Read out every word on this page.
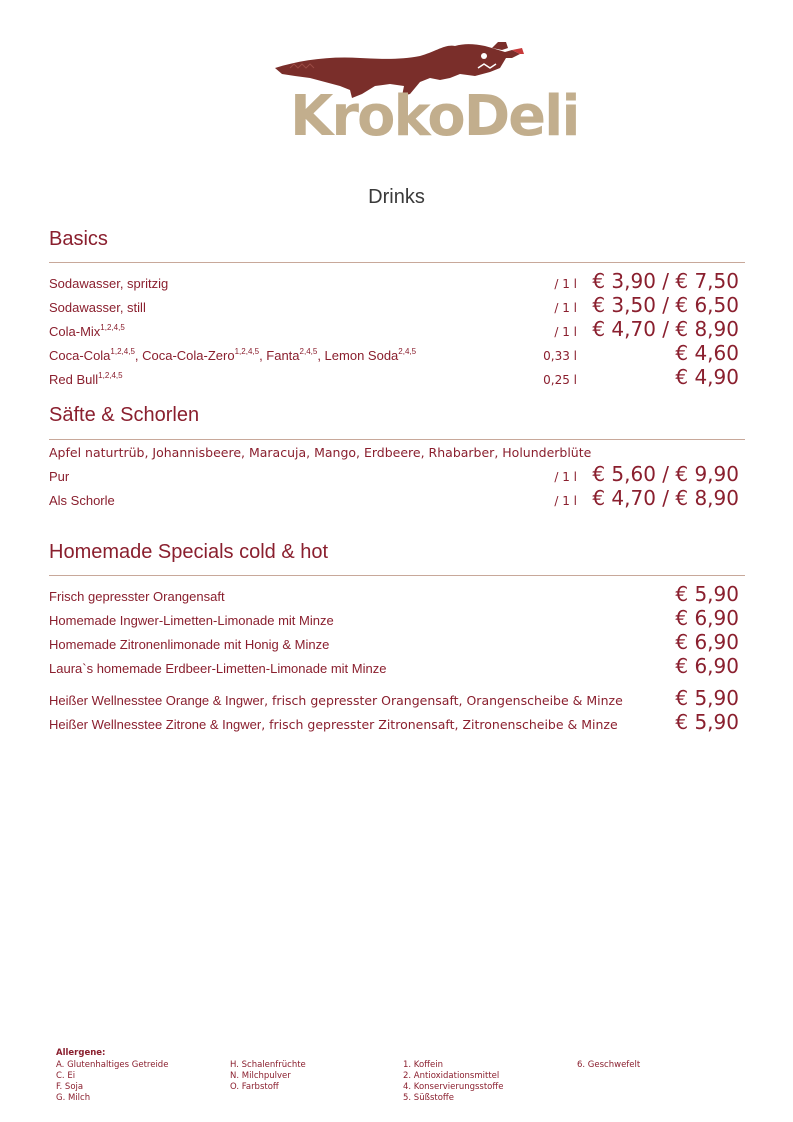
KrokoDeli
Drinks
Basics
Sodawasser, spritzig	/ 1 l € 3,90 / € 7,50
Sodawasser, still	/ 1 l € 3,50 / € 6,50
Cola-Mix$^{1,2,4,5}$	/ 1 l € 4,70 / € 8,90
Coca-Cola$^{1,2,4,5}$, Coca-Cola-Zero$^{1,2,4,5}$, Fanta$^{2,4,5}$, Lemon Soda$^{2,4,5}$	0,33 l	€ 4,60
Red Bull$^{1,2,4,5}$	0,25 l	€ 4,90
Säfte & Schorlen
Apfel naturtrüb, Johannisbeere, Maracuja, Mango, Erdbeere, Rhabarber, Holunderblüte
Pur	/ 1 l € 5,60 / € 9,90
Als Schorle	/ 1 l € 4,70 / € 8,90
Homemade Specials cold & hot
Frisch gepresster Orangensaft	€ 5,90
Homemade Ingwer-Limetten-Limonade mit Minze	€ 6,90
Homemade Zitronenlimonade mit Honig & Minze	€ 6,90
Laura`s homemade Erdbeer-Limetten-Limonade mit Minze	€ 6,90
Heißer Wellnesstee Orange & Ingwer, frisch gepresster Orangensaft, Orangenscheibe & Minze	€ 5,90
Heißer Wellnesstee Zitrone & Ingwer, frisch gepresster Zitronensaft, Zitronenscheibe & Minze	€ 5,90
Allergene:
A. Glutenhaltiges Getreide
C. Ei
F. Soja
G. Milch
H. Schalenfrüchte
N. Milchpulver
O. Farbstoff
1. Koffein
2. Antioxidationsmittel
4. Konservierungsstoffe
5. Süßstoffe
6. Geschwefelt
